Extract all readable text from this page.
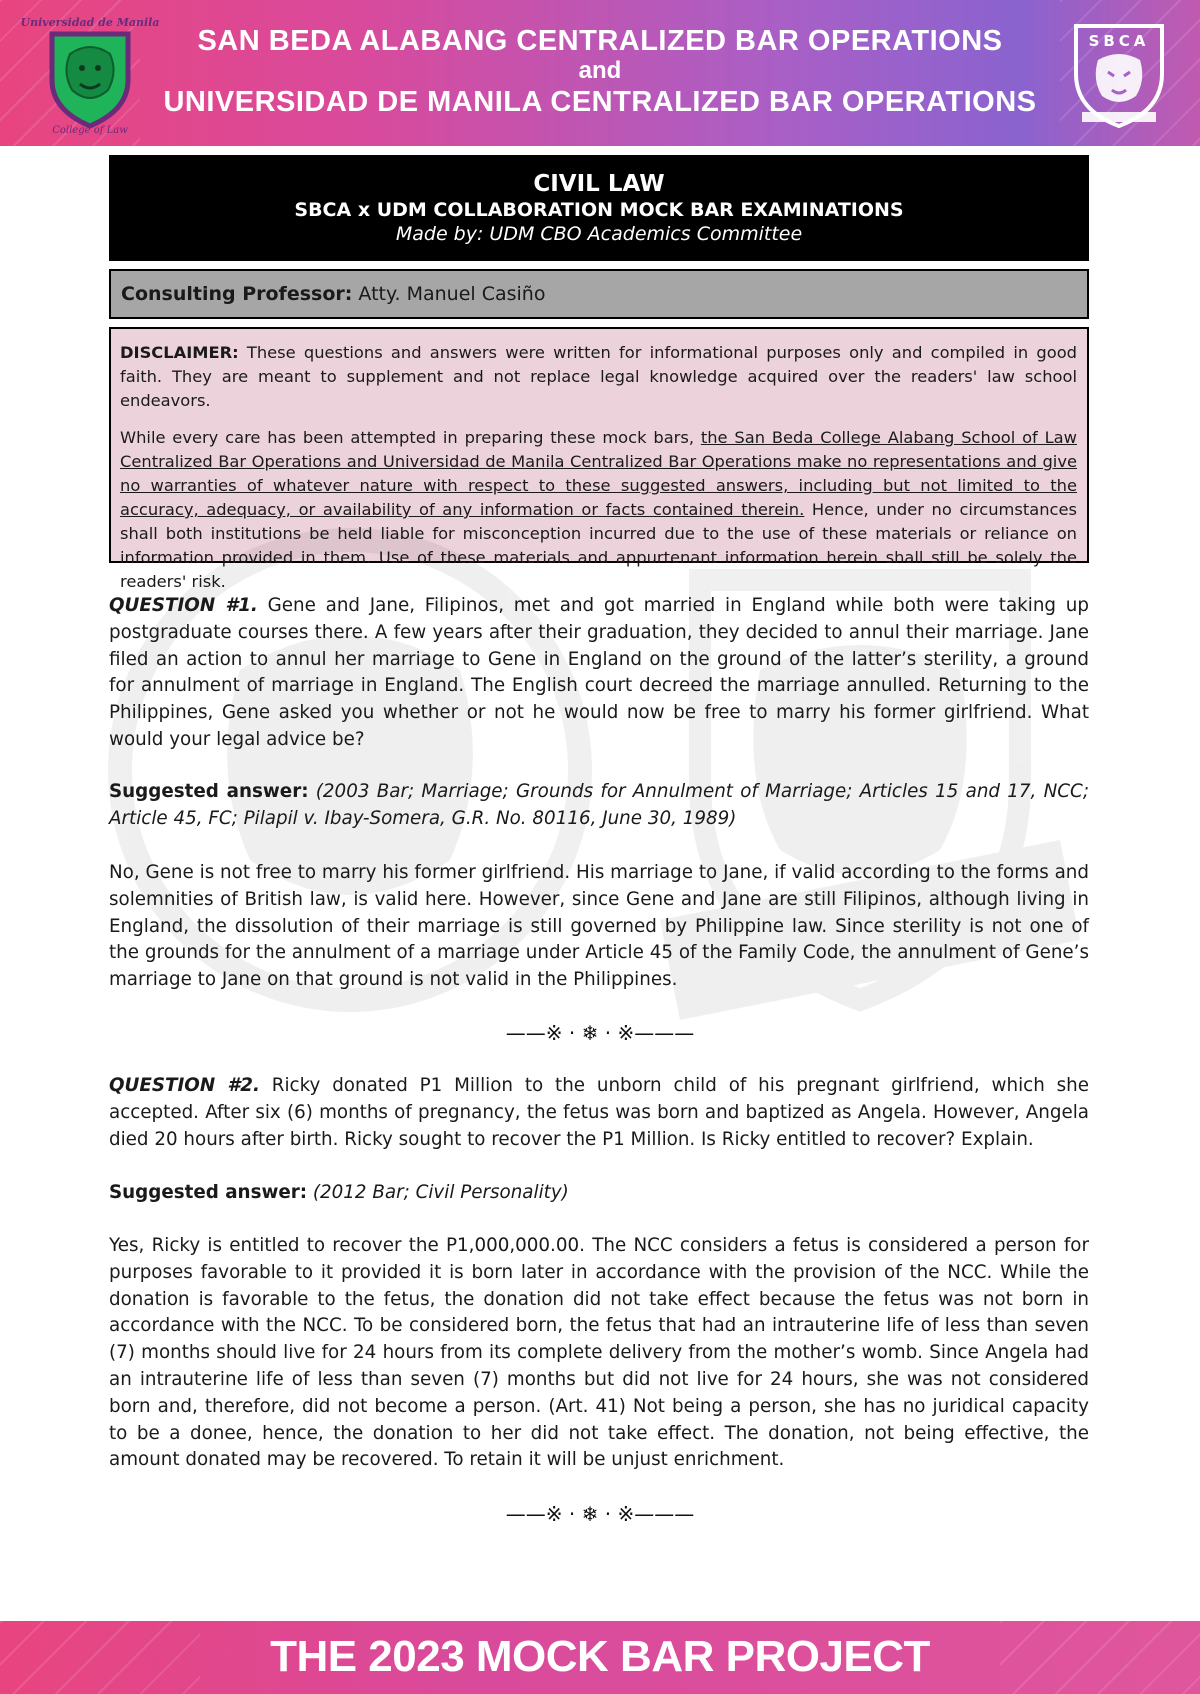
Universidad de Manila
College of Law
SAN BEDA ALABANG CENTRALIZED BAR OPERATIONS
and
UNIVERSIDAD DE MANILA CENTRALIZED BAR OPERATIONS
SBCA
CIVIL LAW
SBCA x UDM COLLABORATION MOCK BAR EXAMINATIONS
Made by: UDM CBO Academics Committee
Consulting Professor: Atty. Manuel Casiño

DISCLAIMER: These questions and answers were written for informational purposes only and compiled in good faith. They are meant to supplement and not replace legal knowledge acquired over the readers' law school endeavors.

While every care has been attempted in preparing these mock bars, the San Beda College Alabang School of Law Centralized Bar Operations and Universidad de Manila Centralized Bar Operations make no representations and give no warranties of whatever nature with respect to these suggested answers, including but not limited to the accuracy, adequacy, or availability of any information or facts contained therein. Hence, under no circumstances shall both institutions be held liable for misconception incurred due to the use of these materials or reliance on information provided in them. Use of these materials and appurtenant information herein shall still be solely the readers' risk.

QUESTION #1. Gene and Jane, Filipinos, met and got married in England while both were taking up postgraduate courses there. A few years after their graduation, they decided to annul their marriage. Jane filed an action to annul her marriage to Gene in England on the ground of the latter’s sterility, a ground for annulment of marriage in England. The English court decreed the marriage annulled. Returning to the Philippines, Gene asked you whether or not he would now be free to marry his former girlfriend. What would your legal advice be?

Suggested answer: (2003 Bar; Marriage; Grounds for Annulment of Marriage; Articles 15 and 17, NCC; Article 45, FC; Pilapil v. Ibay-Somera, G.R. No. 80116, June 30, 1989)

No, Gene is not free to marry his former girlfriend. His marriage to Jane, if valid according to the forms and solemnities of British law, is valid here. However, since Gene and Jane are still Filipinos, although living in England, the dissolution of their marriage is still governed by Philippine law. Since sterility is not one of the grounds for the annulment of a marriage under Article 45 of the Family Code, the annulment of Gene’s marriage to Jane on that ground is not valid in the Philippines.

——※ · ❄ · ※———

QUESTION #2. Ricky donated P1 Million to the unborn child of his pregnant girlfriend, which she accepted. After six (6) months of pregnancy, the fetus was born and baptized as Angela. However, Angela died 20 hours after birth. Ricky sought to recover the P1 Million. Is Ricky entitled to recover? Explain.

Suggested answer: (2012 Bar; Civil Personality)

Yes, Ricky is entitled to recover the P1,000,000.00. The NCC considers a fetus is considered a person for purposes favorable to it provided it is born later in accordance with the provision of the NCC. While the donation is favorable to the fetus, the donation did not take effect because the fetus was not born in accordance with the NCC. To be considered born, the fetus that had an intrauterine life of less than seven (7) months should live for 24 hours from its complete delivery from the mother’s womb. Since Angela had an intrauterine life of less than seven (7) months but did not live for 24 hours, she was not considered born and, therefore, did not become a person. (Art. 41) Not being a person, she has no juridical capacity to be a donee, hence, the donation to her did not take effect. The donation, not being effective, the amount donated may be recovered. To retain it will be unjust enrichment.

——※ · ❄ · ※———
THE 2023 MOCK BAR PROJECT
